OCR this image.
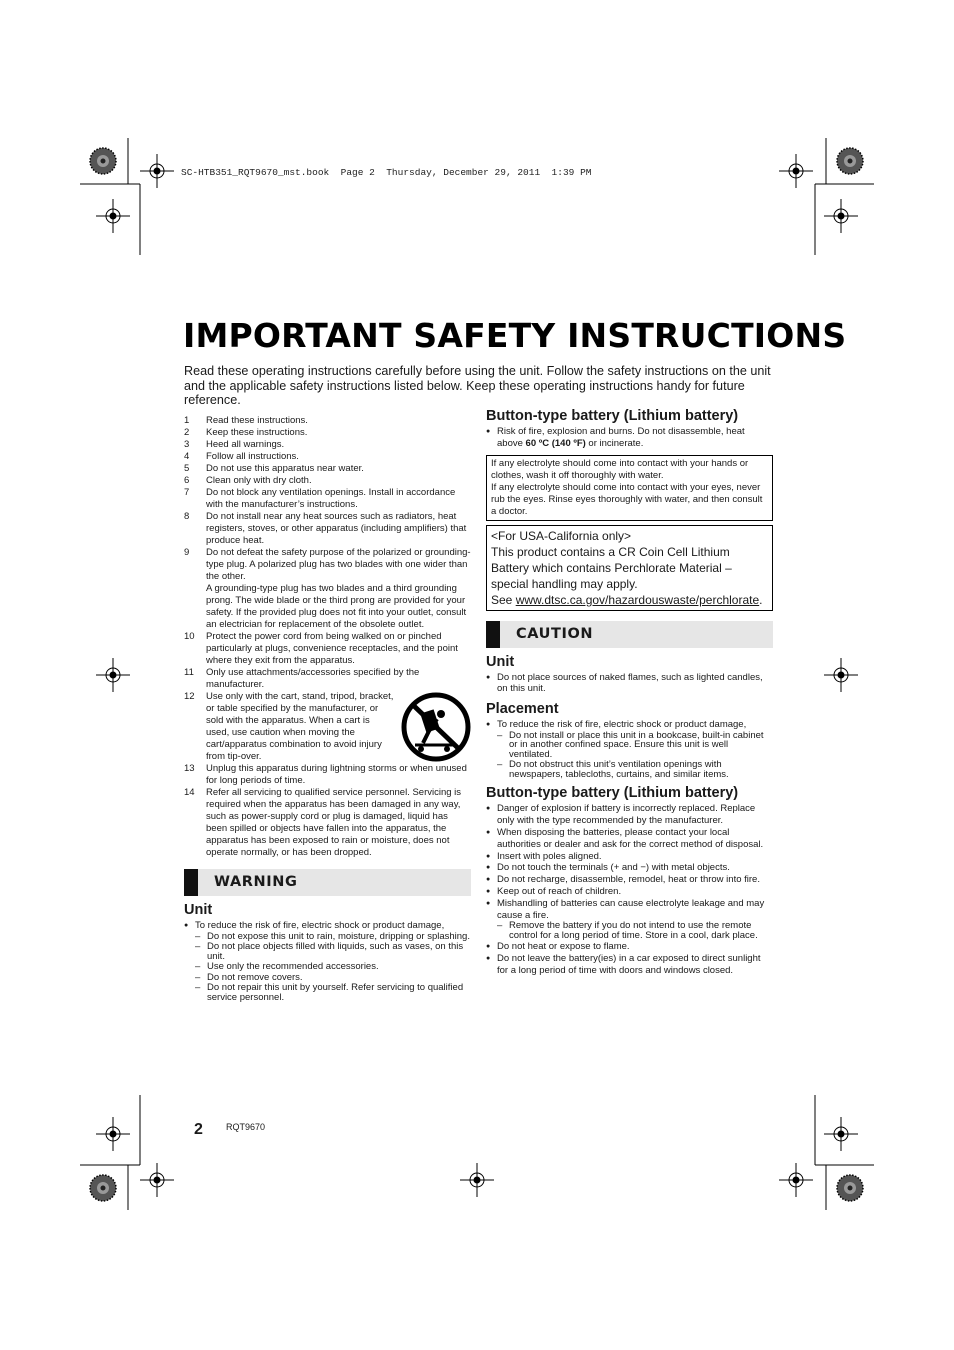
SC-HTB351_RQT9670_mst.book  Page 2  Thursday, December 29, 2011  1:39 PM
IMPORTANT SAFETY INSTRUCTIONS

Read these operating instructions carefully before using the unit. Follow the safety instructions on the unit and the applicable safety instructions listed below. Keep these operating instructions handy for future reference.

1 Read these instructions.
2 Keep these instructions.
3 Heed all warnings.
4 Follow all instructions.
5 Do not use this apparatus near water.
6 Clean only with dry cloth.
7 Do not block any ventilation openings. Install in accordance with the manufacturer’s instructions.
8 Do not install near any heat sources such as radiators, heat registers, stoves, or other apparatus (including amplifiers) that produce heat.
9 Do not defeat the safety purpose of the polarized or grounding-type plug. A polarized plug has two blades with one wider than the other.
A grounding-type plug has two blades and a third grounding prong. The wide blade or the third prong are provided for your safety. If the provided plug does not fit into your outlet, consult an electrician for replacement of the obsolete outlet.
10 Protect the power cord from being walked on or pinched particularly at plugs, convenience receptacles, and the point where they exit from the apparatus.
11 Only use attachments/accessories specified by the manufacturer.
12 Use only with the cart, stand, tripod, bracket, or table specified by the manufacturer, or sold with the apparatus. When a cart is used, use caution when moving the cart/apparatus combination to avoid injury from tip-over.
13 Unplug this apparatus during lightning storms or when unused for long periods of time.
14 Refer all servicing to qualified service personnel. Servicing is required when the apparatus has been damaged in any way, such as power-supply cord or plug is damaged, liquid has been spilled or objects have fallen into the apparatus, the apparatus has been exposed to rain or moisture, does not operate normally, or has been dropped.
WARNING
Unit
● To reduce the risk of fire, electric shock or product damage,
– Do not expose this unit to rain, moisture, dripping or splashing.
– Do not place objects filled with liquids, such as vases, on this unit.
– Use only the recommended accessories.
– Do not remove covers.
– Do not repair this unit by yourself. Refer servicing to qualified service personnel.
Button-type battery (Lithium battery)
● Risk of fire, explosion and burns. Do not disassemble, heat above 60 ºC (140 ºF) or incinerate.
If any electrolyte should come into contact with your hands or clothes, wash it off thoroughly with water.
If any electrolyte should come into contact with your eyes, never rub the eyes. Rinse eyes thoroughly with water, and then consult a doctor.
<For USA-California only>
This product contains a CR Coin Cell Lithium Battery which contains Perchlorate Material – special handling may apply.
See www.dtsc.ca.gov/hazardouswaste/perchlorate.
CAUTION
Unit
● Do not place sources of naked flames, such as lighted candles, on this unit.
Placement
● To reduce the risk of fire, electric shock or product damage,
– Do not install or place this unit in a bookcase, built-in cabinet or in another confined space. Ensure this unit is well ventilated.
– Do not obstruct this unit’s ventilation openings with newspapers, tablecloths, curtains, and similar items.
Button-type battery (Lithium battery)
● Danger of explosion if battery is incorrectly replaced. Replace only with the type recommended by the manufacturer.
● When disposing the batteries, please contact your local authorities or dealer and ask for the correct method of disposal.
● Insert with poles aligned.
● Do not touch the terminals (+ and −) with metal objects.
● Do not recharge, disassemble, remodel, heat or throw into fire.
● Keep out of reach of children.
● Mishandling of batteries can cause electrolyte leakage and may cause a fire.
– Remove the battery if you do not intend to use the remote control for a long period of time. Store in a cool, dark place.
● Do not heat or expose to flame.
● Do not leave the battery(ies) in a car exposed to direct sunlight for a long period of time with doors and windows closed.
2	RQT9670
